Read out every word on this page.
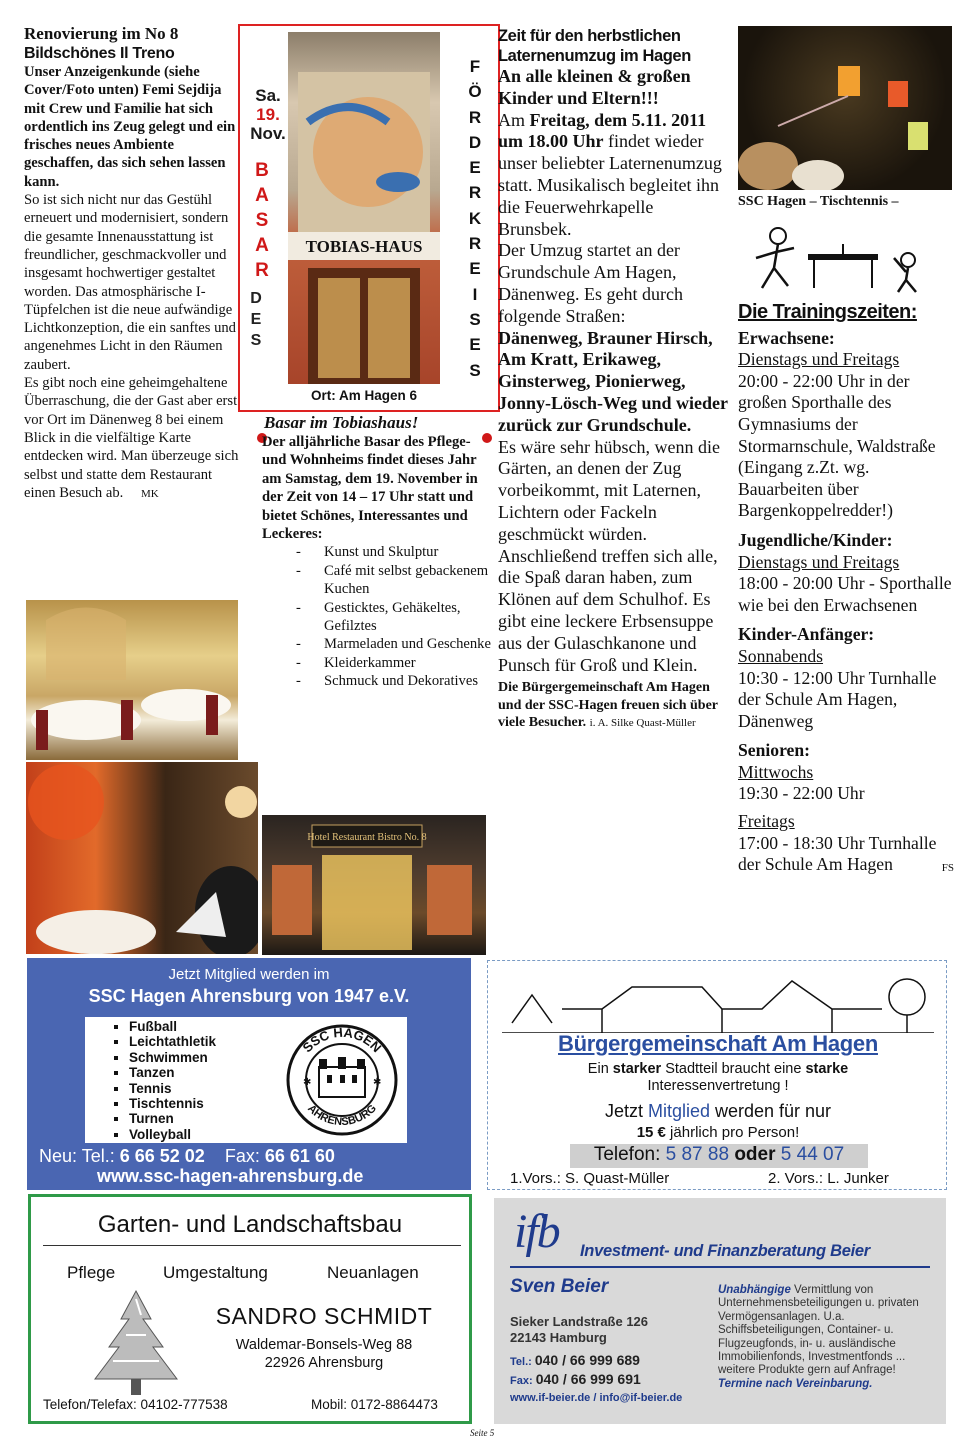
Renovierung im No 8

Bildschönes Il Treno

Unser Anzeigenkunde (siehe Cover/Foto unten) Femi Sejdija mit Crew und Familie hat sich ordentlich ins Zeug gelegt und ein frisches neues Ambiente geschaffen, das sich sehen lassen kann.

So ist sich nicht nur das Gestühl erneuert und modernisiert, sondern die gesamte Innenausstattung ist freundlicher, geschmackvoller und insgesamt hochwertiger gestaltet worden. Das atmosphärische I-Tüpfelchen ist die neue aufwändige Lichtkonzeption, die ein sanftes und angenehmes Licht in den Räumen zaubert.

Es gibt noch eine geheimgehaltene Überraschung, die der Gast aber erst vor Ort im Dänenweg 8 bei einem Blick in die vielfältige Karte entdecken wird. Man überzeuge sich selbst und statte dem Restaurant einen Besuch ab. MK

TOBIAS-HAUS
Sa.
19.
Nov.
B
A
S
A
R
D
E
S
F
Ö
R
D
E
R
K
R
E
I
S
E
S
Ort: Am Hagen 6

Basar im Tobiashaus!

Der alljährliche Basar des Pflege- und Wohnheims findet dieses Jahr am Samstag, dem 19. November in der Zeit von 14 – 17 Uhr statt und bietet Schönes, Interessantes und Leckeres:

- Kunst und Skulptur
- Café mit selbst gebackenem Kuchen
- Gesticktes, Gehäkeltes, Gefilztes
- Marmeladen und Geschenke
- Kleiderkammer
- Schmuck und Dekoratives
Hotel Restaurant Bistro No. 8

Zeit für den herbstlichen Laternenumzug im Hagen

An alle kleinen & großen Kinder und Eltern!!!

Am Freitag, dem 5.11. 2011 um 18.00 Uhr findet wieder unser beliebter Laternenumzug statt. Musikalisch begleitet ihn die Feuerwehrkapelle Brunsbek.

Der Umzug startet an der Grundschule Am Hagen, Dänenweg. Es geht durch folgende Straßen:

Dänenweg, Brauner Hirsch, Am Kratt, Erikaweg, Ginsterweg, Pionierweg, Jonny-Lösch-Weg und wieder zurück zur Grundschule.

Es wäre sehr hübsch, wenn die Gärten, an denen der Zug vorbeikommt, mit Laternen, Lichtern oder Fackeln geschmückt würden. Anschließend treffen sich alle, die Spaß daran haben, zum Klönen auf dem Schulhof. Es gibt eine leckere Erbsensuppe aus der Gulaschkanone und Punsch für Groß und Klein.

Die Bürgergemeinschaft Am Hagen und der SSC-Hagen freuen sich über viele Besucher. i. A. Silke Quast-Müller

SSC Hagen – Tischtennis –

Die Trainingszeiten:

Erwachsene:

Dienstags und Freitags

20:00 - 22:00 Uhr in der großen Sporthalle des Gymnasiums der Stormarnschule, Waldstraße (Eingang z.Zt. wg. Bauarbeiten über Bargenkoppelredder!)

Jugendliche/Kinder:

Dienstags und Freitags

18:00 - 20:00 Uhr - Sporthalle wie bei den Erwachsenen

Kinder-Anfänger:

Sonnabends

10:30 - 12:00 Uhr Turnhalle der Schule Am Hagen, Dänenweg

Senioren:

Mittwochs

19:30 - 22:00 Uhr

Freitags

17:00 - 18:30 Uhr Turnhalle der Schule Am Hagen	FS

Jetzt Mitglied werden im
SSC Hagen Ahrensburg von 1947 e.V.
▪ Fußball
▪ Leichtathletik
▪ Schwimmen
▪ Tanzen
▪ Tennis
▪ Tischtennis
▪ Turnen
▪ Volleyball
SSC HAGEN
AHRENSBURG
✱	✱
Neu: Tel.: 6 66 52 02 Fax: 66 61 60
www.ssc-hagen-ahrensburg.de
Bürgergemeinschaft Am Hagen
Ein starker Stadtteil braucht eine starke
Interessenvertretung !
Jetzt Mitglied werden für nur
15 € jährlich pro Person!
Telefon: 5 87 88 oder 5 44 07
1.Vors.: S. Quast-Müller	2. Vors.: L. Junker
Garten- und Landschaftsbau
Pflege	Umgestaltung	Neuanlagen
SANDRO SCHMIDT
Waldemar-Bonsels-Weg 88
22926 Ahrensburg
Telefon/Telefax: 04102-777538	Mobil: 0172-8864473
ifb Investment- und Finanzberatung Beier
Sven Beier
Sieker Landstraße 126
22143 Hamburg
Tel.: 040 / 66 999 689
Fax: 040 / 66 999 691
www.if-beier.de / info@if-beier.de
Unabhängige Vermittlung von Unternehmensbeteiligungen u. privaten Vermögensanlagen. U.a. Schiffsbeteiligungen, Container- u. Flugzeugfonds, in- u. ausländische Immobilienfonds, Investmentfonds ... weitere Produkte gern auf Anfrage!
Termine nach Vereinbarung.
Seite 5
